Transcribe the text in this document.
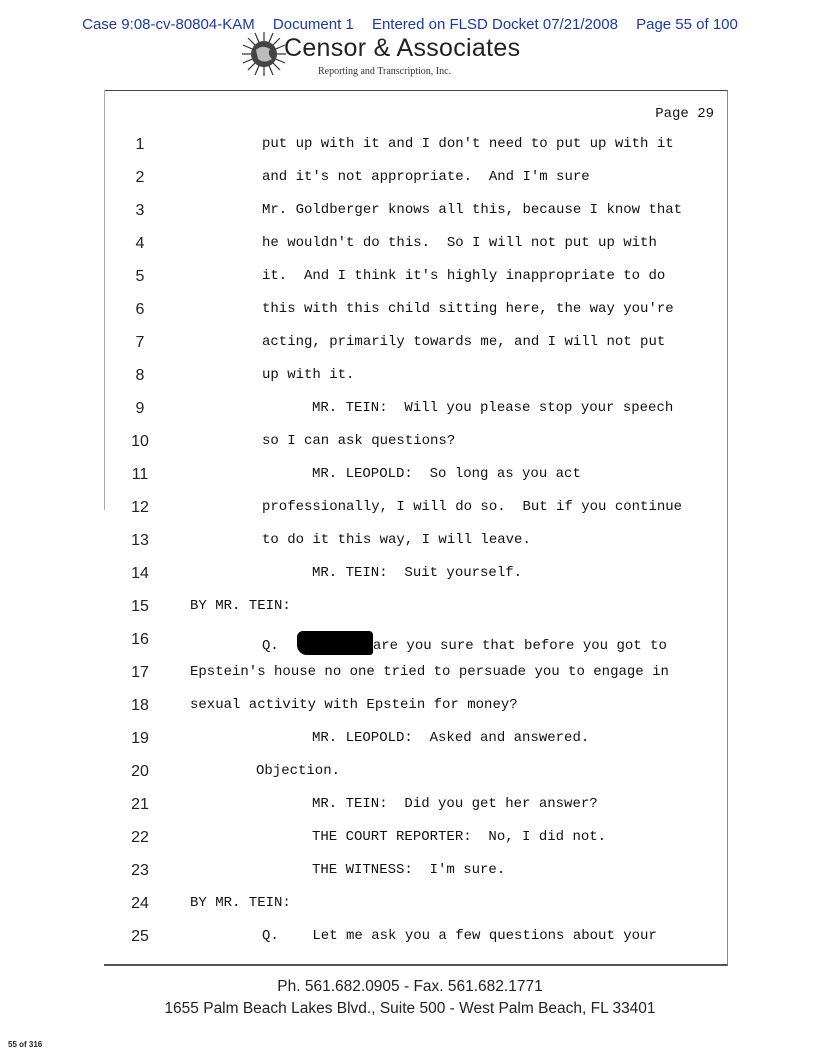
Case 9:08-cv-80804-KAM Document 1 Entered on FLSD Docket 07/21/2008 Page 55 of 100
Censor & Associates
Reporting and Transcription, Inc.
Page 29
1	put up with it and I don't need to put up with it
2	and it's not appropriate.  And I'm sure
3	Mr. Goldberger knows all this, because I know that
4	he wouldn't do this.  So I will not put up with
5	it.  And I think it's highly inappropriate to do
6	this with this child sitting here, the way you're
7	acting, primarily towards me, and I will not put
8	up with it.
9	MR. TEIN:  Will you please stop your speech
10	so I can ask questions?
11	MR. LEOPOLD:  So long as you act
12	professionally, I will do so.  But if you continue
13	to do it this way, I will leave.
14	MR. TEIN:  Suit yourself.
15	BY MR. TEIN:
16	Q.	are you sure that before you got to
17	Epstein's house no one tried to persuade you to engage in
18	sexual activity with Epstein for money?
19	MR. LEOPOLD:  Asked and answered.
20	Objection.
21	MR. TEIN:  Did you get her answer?
22	THE COURT REPORTER:  No, I did not.
23	THE WITNESS:  I'm sure.
24	BY MR. TEIN:
25	Q.    Let me ask you a few questions about your
Ph. 561.682.0905 - Fax. 561.682.1771
1655 Palm Beach Lakes Blvd., Suite 500 - West Palm Beach, FL 33401
55 of 316
